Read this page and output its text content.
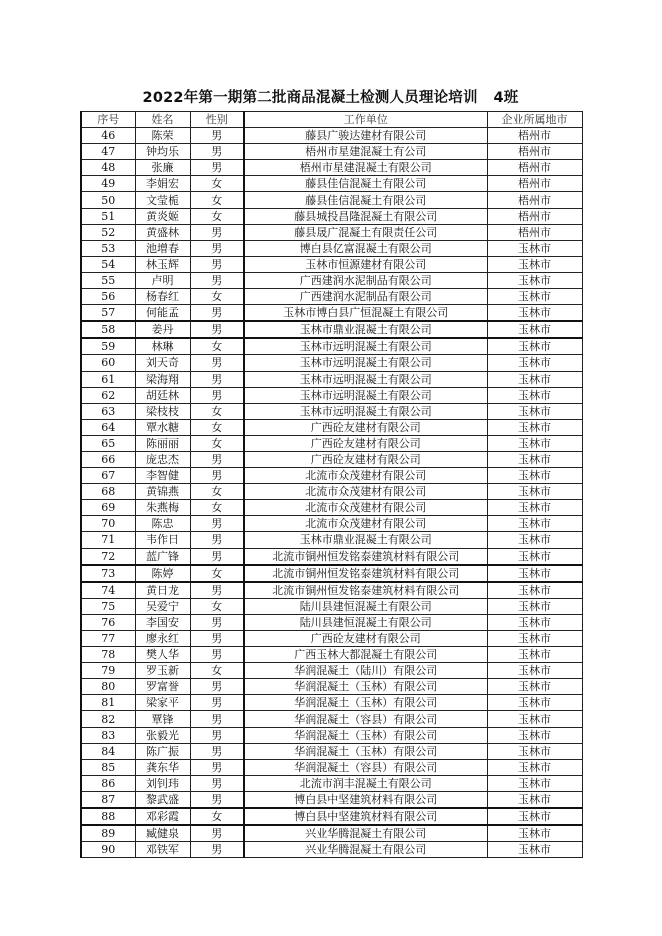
2022年第一期第二批商品混凝土检测人员理论培训   4班
序号	姓名	性别	工作单位	企业所属地市
46	陈荣	男	藤县广骏达建材有限公司	梧州市
47	钟均乐	男	梧州市星建混凝土有公司	梧州市
48	张廉	男	梧州市星建混凝土有限公司	梧州市
49	李娟宏	女	藤县佳信混凝土有限公司	梧州市
50	文莹栀	女	藤县佳信混凝土有限公司	梧州市
51	黄炎姬	女	藤县城投昌隆混凝土有限公司	梧州市
52	黄盛林	男	藤县晟广混凝土有限责任公司	梧州市
53	池增春	男	博白县亿富混凝土有限公司	玉林市
54	林玉辉	男	玉林市恒源建材有限公司	玉林市
55	卢明	男	广西建润水泥制品有限公司	玉林市
56	杨春红	女	广西建润水泥制品有限公司	玉林市
57	何能孟	男	玉林市博白县广恒混凝土有限公司	玉林市
58	姜丹	男	玉林市鼎业混凝土有限公司	玉林市
59	林琳	女	玉林市远明混凝土有限公司	玉林市
60	刘天奇	男	玉林市远明混凝土有限公司	玉林市
61	梁海翔	男	玉林市远明混凝土有限公司	玉林市
62	胡廷林	男	玉林市远明混凝土有限公司	玉林市
63	梁枝枝	女	玉林市远明混凝土有限公司	玉林市
64	覃水糖	女	广西砼友建材有限公司	玉林市
65	陈丽丽	女	广西砼友建材有限公司	玉林市
66	庞忠杰	男	广西砼友建材有限公司	玉林市
67	李智健	男	北流市众茂建材有限公司	玉林市
68	黄锦燕	女	北流市众茂建材有限公司	玉林市
69	朱燕梅	女	北流市众茂建材有限公司	玉林市
70	陈忠	男	北流市众茂建材有限公司	玉林市
71	韦作日	男	玉林市鼎业混凝土有限公司	玉林市
72	蓝广锋	男	北流市铜州恒发铭泰建筑材料有限公司	玉林市
73	陈婷	女	北流市铜州恒发铭泰建筑材料有限公司	玉林市
74	黄日龙	男	北流市铜州恒发铭泰建筑材料有限公司	玉林市
75	吴爱宁	女	陆川县建恒混凝土有限公司	玉林市
76	李国安	男	陆川县建恒混凝土有限公司	玉林市
77	廖永红	男	广西砼友建材有限公司	玉林市
78	樊人华	男	广西玉林大都混凝土有限公司	玉林市
79	罗玉新	女	华润混凝土（陆川）有限公司	玉林市
80	罗富誉	男	华润混凝土（玉林）有限公司	玉林市
81	梁家平	男	华润混凝土（玉林）有限公司	玉林市
82	覃锋	男	华润混凝土（容县）有限公司	玉林市
83	张毅光	男	华润混凝土（玉林）有限公司	玉林市
84	陈广振	男	华润混凝土（玉林）有限公司	玉林市
85	龚东华	男	华润混凝土（容县）有限公司	玉林市
86	刘钊玮	男	北流市润丰混凝土有限公司	玉林市
87	黎武盛	男	博白县中坚建筑材料有限公司	玉林市
88	邓彩霞	女	博白县中坚建筑材料有限公司	玉林市
89	臧健泉	男	兴业华腾混凝土有限公司	玉林市
90	邓铁军	男	兴业华腾混凝土有限公司	玉林市
